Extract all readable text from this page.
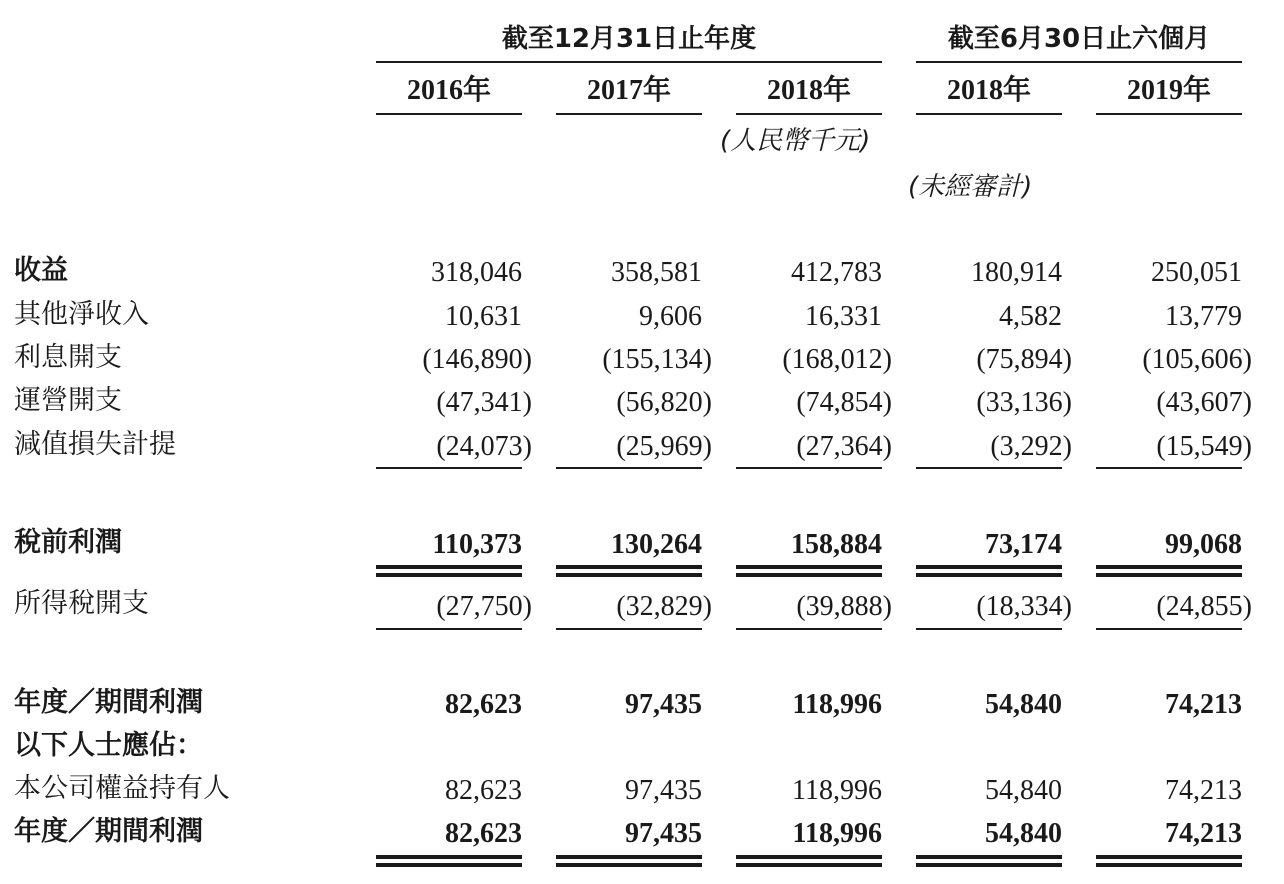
截至12月31日止年度	截至6月30日止六個月
2016年	2017年	2018年	2018年	2019年
(人民幣千元)
(未經審計)
收益	318,046	358,581	412,783	180,914	250,051
其他淨收入	10,631	9,606	16,331	4,582	13,779
利息開支	(146,890)	(155,134)	(168,012)	(75,894)	(105,606)
運營開支	(47,341)	(56,820)	(74,854)	(33,136)	(43,607)
減值損失計提	(24,073)	(25,969)	(27,364)	(3,292)	(15,549)
稅前利潤	110,373	130,264	158,884	73,174	99,068
所得稅開支	(27,750)	(32,829)	(39,888)	(18,334)	(24,855)
年度／期間利潤	82,623	97,435	118,996	54,840	74,213
以下人士應佔：
本公司權益持有人	82,623	97,435	118,996	54,840	74,213
年度／期間利潤	82,623	97,435	118,996	54,840	74,213
